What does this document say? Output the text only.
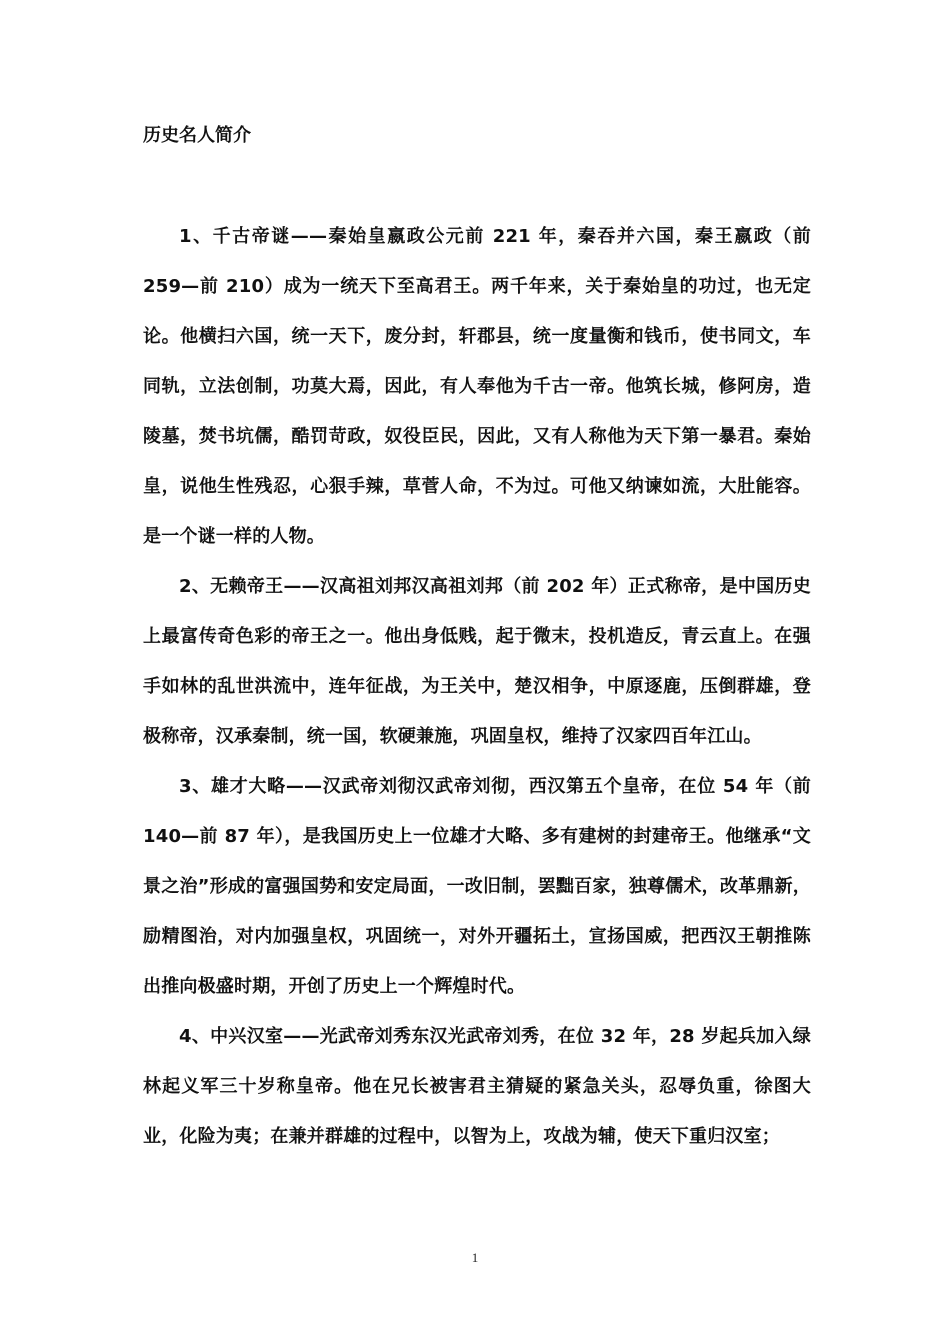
历史名人简介

1、千古帝谜——秦始皇嬴政公元前 221 年，秦吞并六国，秦王嬴政（前 259—前 210）成为一统天下至高君王。两千年来，关于秦始皇的功过，也无定论。他横扫六国，统一天下，废分封，轩郡县，统一度量衡和钱币，使书同文，车同轨，立法创制，功莫大焉，因此，有人奉他为千古一帝。他筑长城，修阿房，造陵墓，焚书坑儒，酷罚苛政，奴役臣民，因此，又有人称他为天下第一暴君。秦始皇，说他生性残忍，心狠手辣，草菅人命，不为过。可他又纳谏如流，大肚能容。是一个谜一样的人物。

2、无赖帝王——汉高祖刘邦汉高祖刘邦（前 202 年）正式称帝，是中国历史上最富传奇色彩的帝王之一。他出身低贱，起于微末，投机造反，青云直上。在强手如林的乱世洪流中，连年征战，为王关中，楚汉相争，中原逐鹿，压倒群雄，登极称帝，汉承秦制，统一国，软硬兼施，巩固皇权，维持了汉家四百年江山。

3、雄才大略——汉武帝刘彻汉武帝刘彻，西汉第五个皇帝，在位 54 年（前 140—前 87 年），是我国历史上一位雄才大略、多有建树的封建帝王。他继承“文景之治”形成的富强国势和安定局面，一改旧制，罢黜百家，独尊儒术，改革鼎新，励精图治，对内加强皇权，巩固统一，对外开疆拓土，宣扬国威，把西汉王朝推陈出推向极盛时期，开创了历史上一个辉煌时代。

4、中兴汉室——光武帝刘秀东汉光武帝刘秀，在位 32 年，28 岁起兵加入绿林起义军三十岁称皇帝。他在兄长被害君主猜疑的紧急关头，忍辱负重，徐图大业，化险为夷；在兼并群雄的过程中，以智为上，攻战为辅，使天下重归汉室；

1
